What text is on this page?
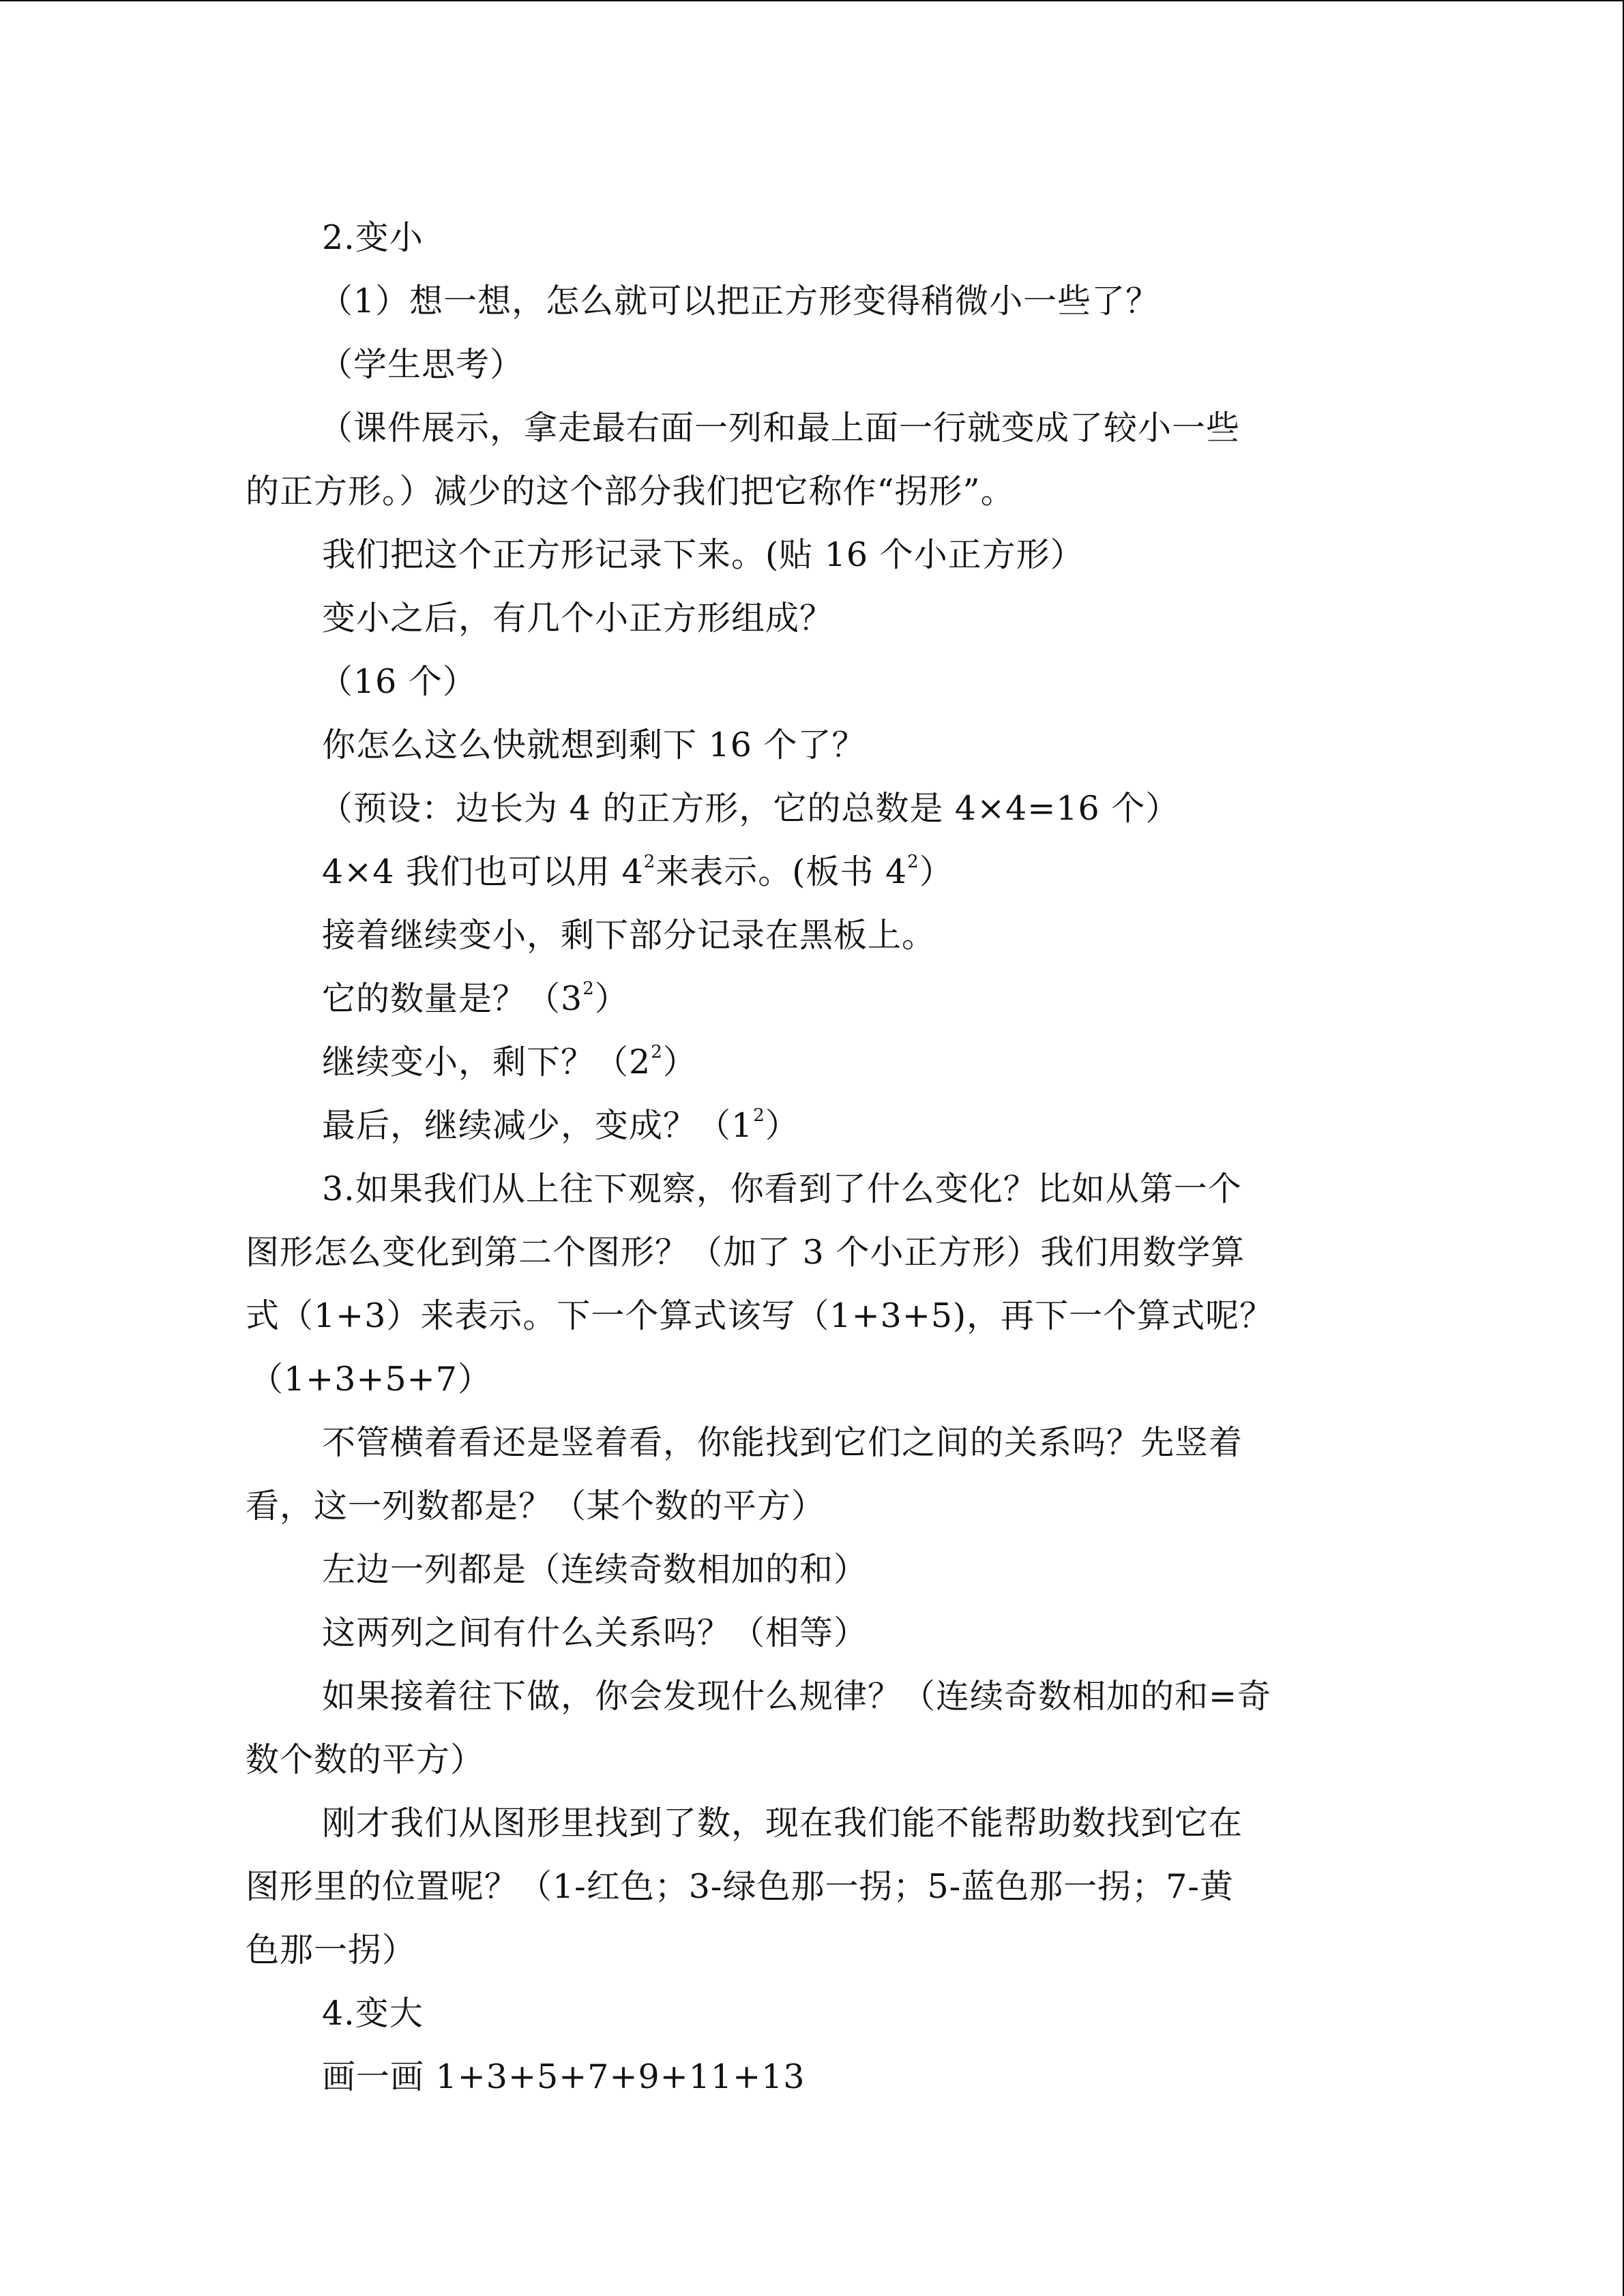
2.变小
（1）想一想，怎么就可以把正方形变得稍微小一些了？
（学生思考）
（课件展示，拿走最右面一列和最上面一行就变成了较小一些
的正方形。）减少的这个部分我们把它称作“拐形”。
我们把这个正方形记录下来。(贴 16 个小正方形）
变小之后，有几个小正方形组成？
（16 个）
你怎么这么快就想到剩下 16 个了？
（预设：边长为 4 的正方形，它的总数是 4×4=16 个）
4×4 我们也可以用 $4^2$来表示。(板书 $4^2$）
接着继续变小，剩下部分记录在黑板上。
它的数量是？$(3^2)$
继续变小，剩下？$(2^2)$
最后，继续减少，变成？$(1^2)$
3.如果我们从上往下观察，你看到了什么变化？比如从第一个
图形怎么变化到第二个图形？（加了 3 个小正方形）我们用数学算
式（1+3）来表示。下一个算式该写（1+3+5)，再下一个算式呢？
（1+3+5+7）
不管横着看还是竖着看，你能找到它们之间的关系吗？先竖着
看，这一列数都是？（某个数的平方）
左边一列都是（连续奇数相加的和）
这两列之间有什么关系吗？（相等）
如果接着往下做，你会发现什么规律？（连续奇数相加的和=奇
数个数的平方）
刚才我们从图形里找到了数，现在我们能不能帮助数找到它在
图形里的位置呢？（1-红色；3-绿色那一拐；5-蓝色那一拐；7-黄
色那一拐）
4.变大
画一画 1+3+5+7+9+11+13
